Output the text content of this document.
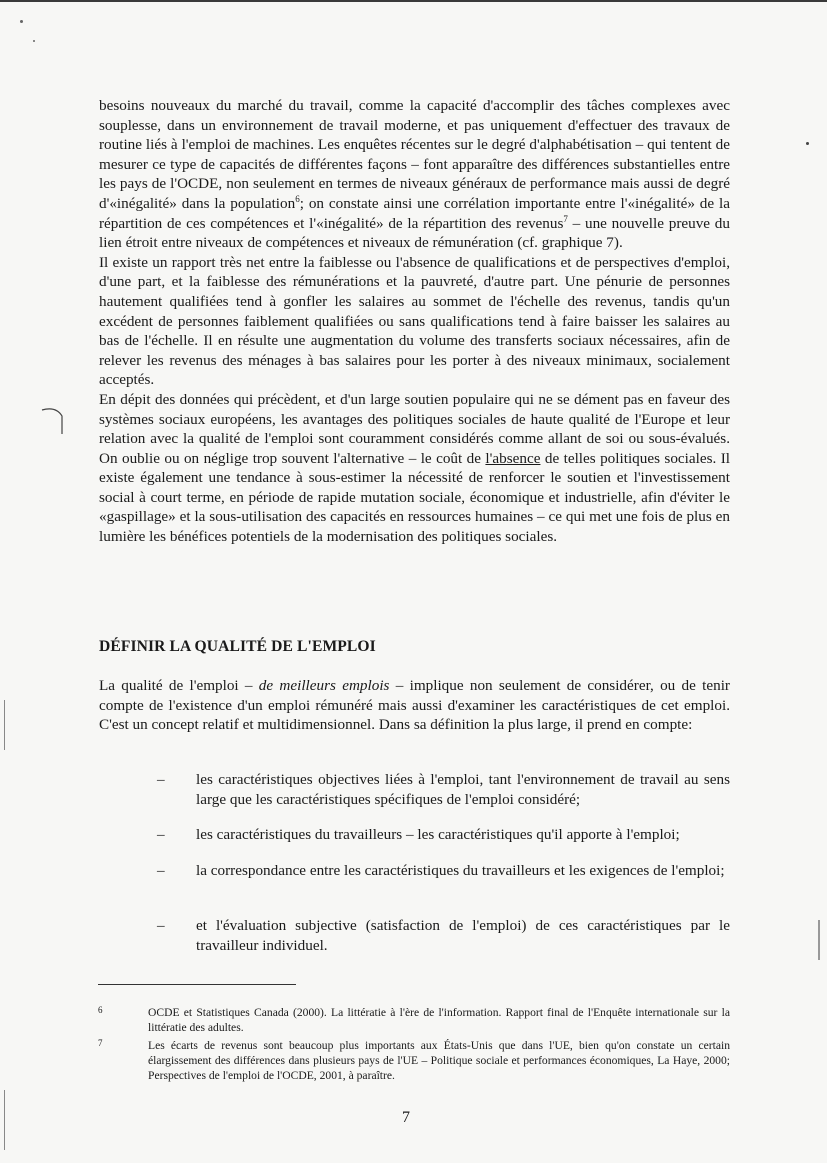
besoins nouveaux du marché du travail, comme la capacité d'accomplir des tâches complexes avec souplesse, dans un environnement de travail moderne, et pas uniquement d'effectuer des travaux de routine liés à l'emploi de machines. Les enquêtes récentes sur le degré d'alphabétisation – qui tentent de mesurer ce type de capacités de différentes façons – font apparaître des différences substantielles entre les pays de l'OCDE, non seulement en termes de niveaux généraux de performance mais aussi de degré d'«inégalité» dans la population$^6$; on constate ainsi une corrélation importante entre l'«inégalité» de la répartition de ces compétences et l'«inégalité» de la répartition des revenus$^7$ – une nouvelle preuve du lien étroit entre niveaux de compétences et niveaux de rémunération (cf. graphique 7).

Il existe un rapport très net entre la faiblesse ou l'absence de qualifications et de perspectives d'emploi, d'une part, et la faiblesse des rémunérations et la pauvreté, d'autre part. Une pénurie de personnes hautement qualifiées tend à gonfler les salaires au sommet de l'échelle des revenus, tandis qu'un excédent de personnes faiblement qualifiées ou sans qualifications tend à faire baisser les salaires au bas de l'échelle. Il en résulte une augmentation du volume des transferts sociaux nécessaires, afin de relever les revenus des ménages à bas salaires pour les porter à des niveaux minimaux, socialement acceptés.

En dépit des données qui précèdent, et d'un large soutien populaire qui ne se dément pas en faveur des systèmes sociaux européens, les avantages des politiques sociales de haute qualité de l'Europe et leur relation avec la qualité de l'emploi sont couramment considérés comme allant de soi ou sous-évalués. On oublie ou on néglige trop souvent l'alternative – le coût de l'absence de telles politiques sociales. Il existe également une tendance à sous-estimer la nécessité de renforcer le soutien et l'investissement social à court terme, en période de rapide mutation sociale, économique et industrielle, afin d'éviter le «gaspillage» et la sous-utilisation des capacités en ressources humaines – ce qui met une fois de plus en lumière les bénéfices potentiels de la modernisation des politiques sociales.

DÉFINIR LA QUALITÉ DE L'EMPLOI

La qualité de l'emploi – de meilleurs emplois – implique non seulement de considérer, ou de tenir compte de l'existence d'un emploi rémunéré mais aussi d'examiner les caractéristiques de cet emploi. C'est un concept relatif et multidimensionnel. Dans sa définition la plus large, il prend en compte:

– les caractéristiques objectives liées à l'emploi, tant l'environnement de travail au sens large que les caractéristiques spécifiques de l'emploi considéré;
– les caractéristiques du travailleurs – les caractéristiques qu'il apporte à l'emploi;
– la correspondance entre les caractéristiques du travailleurs et les exigences de l'emploi;
– et l'évaluation subjective (satisfaction de l'emploi) de ces caractéristiques par le travailleur individuel.
6	OCDE et Statistiques Canada (2000). La littératie à l'ère de l'information. Rapport final de l'Enquête internationale sur la littératie des adultes.
7	Les écarts de revenus sont beaucoup plus importants aux États-Unis que dans l'UE, bien qu'on constate un certain élargissement des différences dans plusieurs pays de l'UE – Politique sociale et performances économiques, La Haye, 2000; Perspectives de l'emploi de l'OCDE, 2001, à paraître.
7
